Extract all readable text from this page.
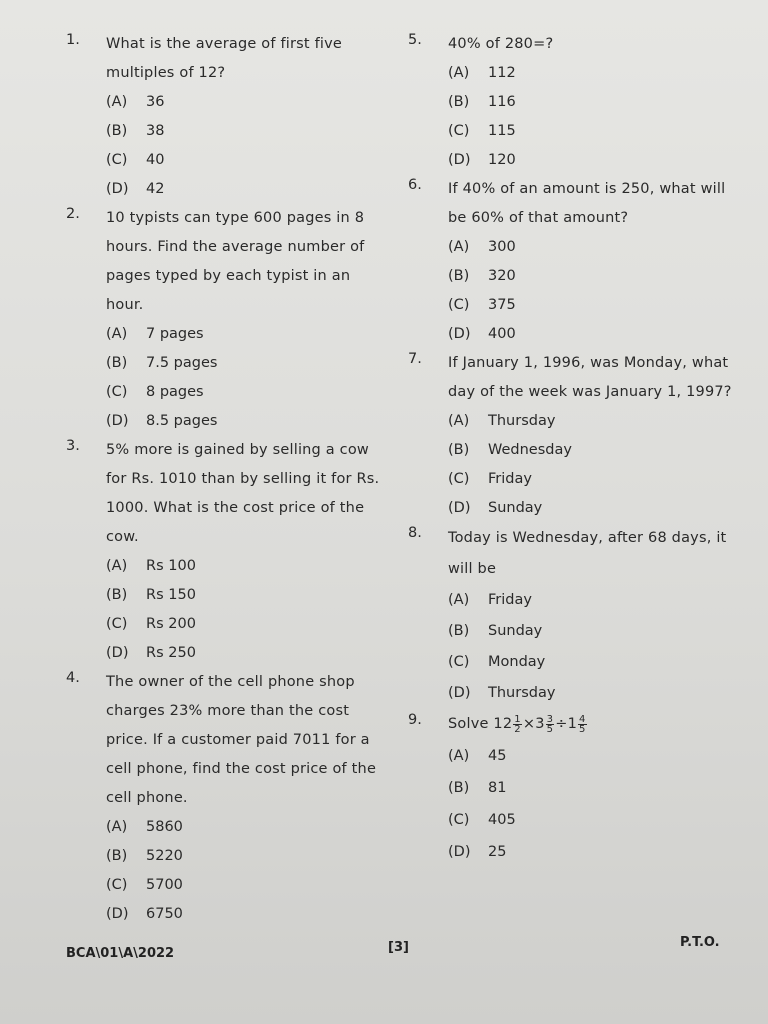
1. What is the average of first five multiples of 12?
(A)	36
(B)	38
(C)	40
(D)	42
2. 10 typists can type 600 pages in 8 hours. Find the average number of pages typed by each typist in an hour.
(A)	7 pages
(B)	7.5 pages
(C)	8 pages
(D)	8.5 pages
3. 5% more is gained by selling a cow for Rs. 1010 than by selling it for Rs. 1000. What is the cost price of the cow.
(A)	Rs 100
(B)	Rs 150
(C)	Rs 200
(D)	Rs 250
4. The owner of the cell phone shop charges 23% more than the cost price. If a customer paid 7011 for a cell phone, find the cost price of the cell phone.
(A)	5860
(B)	5220
(C)	5700
(D)	6750
5. 40% of 280=?
(A)	112
(B)	116
(C)	115
(D)	120
6. If 40% of an amount is 250, what will be 60% of that amount?
(A)	300
(B)	320
(C)	375
(D)	400
7. If January 1, 1996, was Monday, what day of the week was January 1, 1997?
(A)	Thursday
(B)	Wednesday
(C)	Friday
(D)	Sunday
8. Today is Wednesday, after 68 days, it will be
(A)	Friday
(B)	Sunday
(C)	Monday
(D)	Thursday
9. Solve $12 \frac{1}{2} \times 3 \frac{3}{5} \div 1 \frac{4}{5}$
(A)	45
(B)	81
(C)	405
(D)	25
BCA\01\A\2022	[3]	P.T.O.
